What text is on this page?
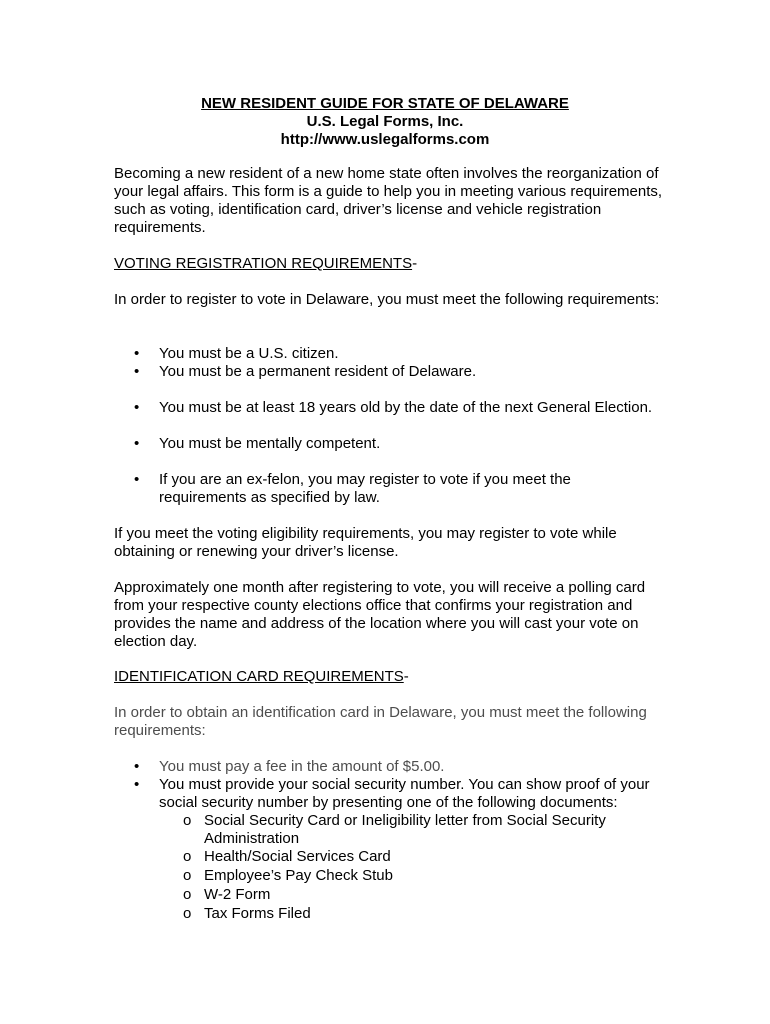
NEW RESIDENT GUIDE FOR STATE OF DELAWARE
U.S. Legal Forms, Inc.
http://www.uslegalforms.com
Becoming a new resident of a new home state often involves the reorganization of your legal affairs. This form is a guide to help you in meeting various requirements, such as voting, identification card, driver’s license and vehicle registration requirements.
VOTING REGISTRATION REQUIREMENTS-
In order to register to vote in Delaware, you must meet the following requirements:
•	You must be a U.S. citizen.
•	You must be a permanent resident of Delaware.
•	You must be at least 18 years old by the date of the next General Election.
•	You must be mentally competent.
•	If you are an ex-felon, you may register to vote if you meet the requirements as specified by law.
If you meet the voting eligibility requirements, you may register to vote while obtaining or renewing your driver’s license.
Approximately one month after registering to vote, you will receive a polling card from your respective county elections office that confirms your registration and provides the name and address of the location where you will cast your vote on election day.
IDENTIFICATION CARD REQUIREMENTS-
In order to obtain an identification card in Delaware, you must meet the following requirements:
•	You must pay a fee in the amount of $5.00.
•	You must provide your social security number. You can show proof of your social security number by presenting one of the following documents:
o Social Security Card or Ineligibility letter from Social Security Administration
o Health/Social Services Card
o Employee’s Pay Check Stub
o W-2 Form
o Tax Forms Filed
